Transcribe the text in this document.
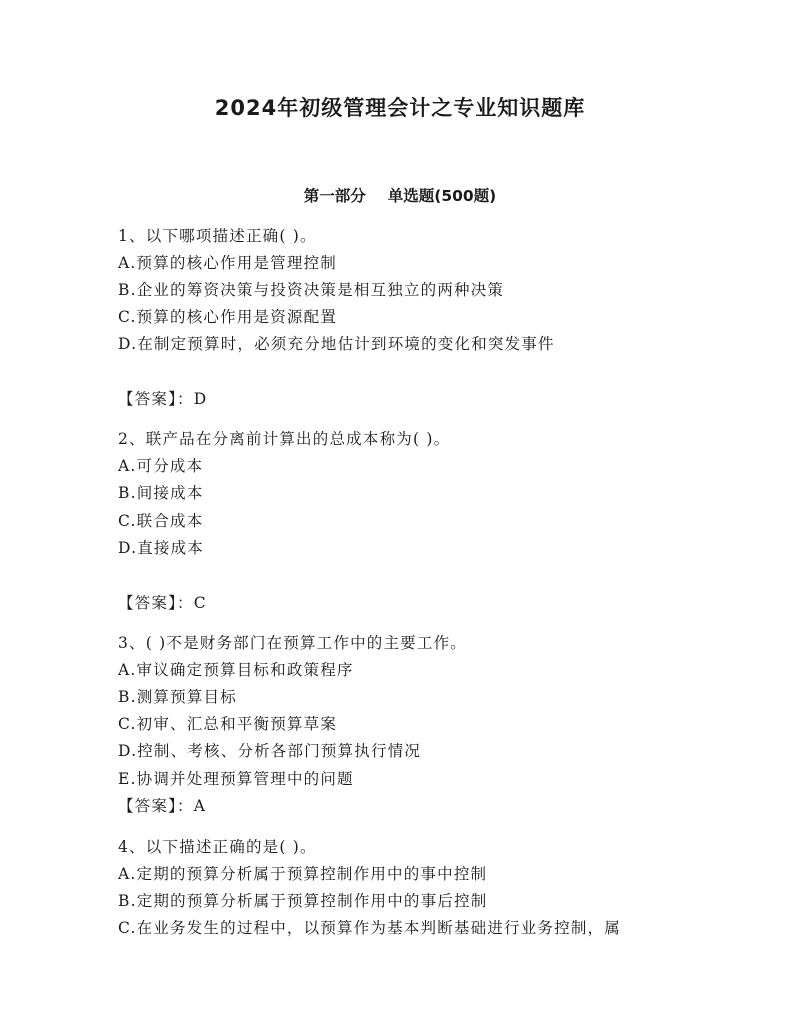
2024年初级管理会计之专业知识题库
第一部分 单选题(500题)
1、以下哪项描述正确( )。
A.预算的核心作用是管理控制
B.企业的筹资决策与投资决策是相互独立的两种决策
C.预算的核心作用是资源配置
D.在制定预算时，必须充分地估计到环境的变化和突发事件
【答案】：D
2、联产品在分离前计算出的总成本称为( )。
A.可分成本
B.间接成本
C.联合成本
D.直接成本
【答案】：C
3、( )不是财务部门在预算工作中的主要工作。
A.审议确定预算目标和政策程序
B.测算预算目标
C.初审、汇总和平衡预算草案
D.控制、考核、分析各部门预算执行情况
E.协调并处理预算管理中的问题
【答案】：A
4、以下描述正确的是( )。
A.定期的预算分析属于预算控制作用中的事中控制
B.定期的预算分析属于预算控制作用中的事后控制
C.在业务发生的过程中，以预算作为基本判断基础进行业务控制，属
